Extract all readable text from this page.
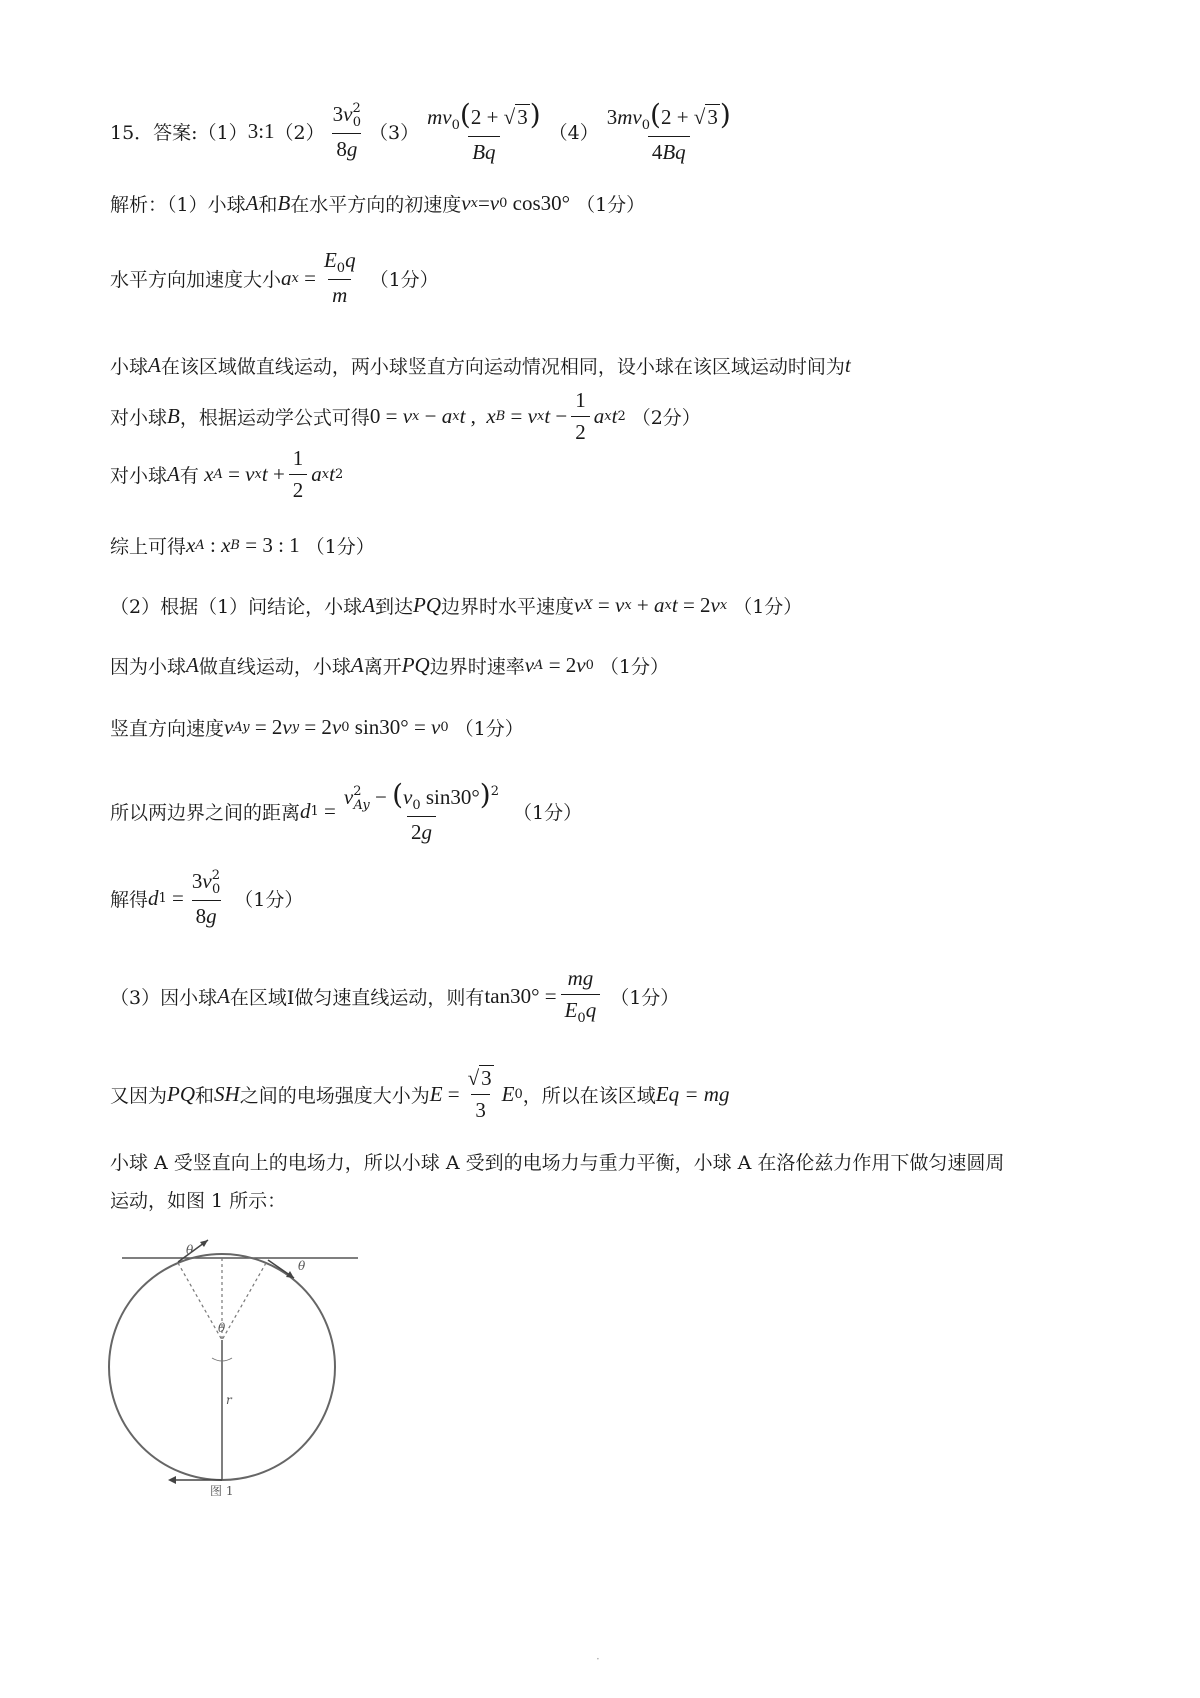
15．答案: （1） 3:1 $(2) \frac{3v^2_0}{8g} (3) \frac{mv_0(2 + √3)}{Bq} (4) \frac{3mv_0(2 + √3)}{4Bq}$
解析：（1）小球 A 和 B 在水平方向的初速度 v x = v 0
cos30° （1分）
水平方向加速度大小 a $x = \frac{E_0q}{m} (1$分）
小球 A 在该区域做直线运动，两小球竖直方向运动情况相同，设小球在该区域运动时间为 t
对小球 B ，根据运动学公式可得 0 = v x − a x t , x B = v x $t - \frac{1}{2}$ a x t 2 （2分）
对小球 A 有
x A = v x $t + \frac{1}{2}$ a x t 2
综上可得 x A : x B = 3 : 1 （1分）
（2）根据（1）问结论，小球 A 到达 PQ 边界时水平速度 v X = v x + a x t = 2 v x （1分）
因为小球 A 做直线运动，小球 A 离开 PQ 边界时速率 v A = 2 v 0 （1分）
竖直方向速度 v Ay = 2 v y = 2 v 0
sin30° = v 0 （1分）
所以两边界之间的距离 d $1 = \frac{v^2_{Ay} - (v_0 \sin 30^\circ)^2}{2g} (1$分）
解得 d $1 = \frac{3v^2_0}{8g} (1$分）
（3）因小球 A 在区域Ⅰ做匀速直线运动，则有 $\tan 30^\circ = \frac{mg}{E_0q} (1$分）
又因为 PQ 和 SH 之间的电场强度大小为 $E = \frac{√3}{3}$ E 0 ，所以在该区域 Eq = mg
小球 A 受竖直向上的电场力，所以小球 A 受到的电场力与重力平衡，小球 A 在洛伦兹力作用下做匀速圆周
运动，如图 1 所示：
θ
θ
θ
r
图 1
·
